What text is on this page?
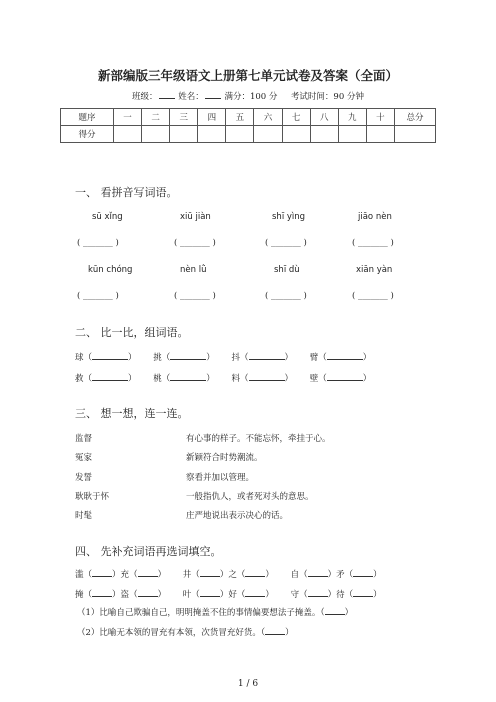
新部编版三年级语文上册第七单元试卷及答案（全面）
班级： 姓名： 满分：100 分 考试时间：90 分钟
题序	一	二	三	四	五	六	七	八	九	十	总分
得分											
一、 看拼音写词语。
sū xǐng	xiū jiàn	shī yìng	jiāo nèn
( _______ )	( _______ )	( _______ )	( _______ )
kūn chóng	nèn lǜ	shī dù	xiān yàn
( _______ )	( _______ )	( _______ )	( _______ )
二、 比一比，组词语。
球（	） 挑（	） 抖（	） 臂（	）
救（	） 桃（	） 料（	） 壁（	）
三、 想一想，连一连。
监督
冤家
发誓
耿耿于怀
时髦
有心事的样子。不能忘怀，牵挂于心。
新颖符合时势潮流。
察看并加以管理。
一般指仇人，或者死对头的意思。
庄严地说出表示决心的话。
四、 先补充词语再选词填空。
滥（ ）充（ ） 井（ ）之（ ） 自（ ）矛（ ）
掩（ ）盗（ ） 叶（ ）好（ ） 守（ ）待（ ）
（1）比喻自己欺骗自己，明明掩盖不住的事情偏要想法子掩盖。（ ）
（2）比喻无本领的冒充有本领，次货冒充好货。（ ）
1 / 6
